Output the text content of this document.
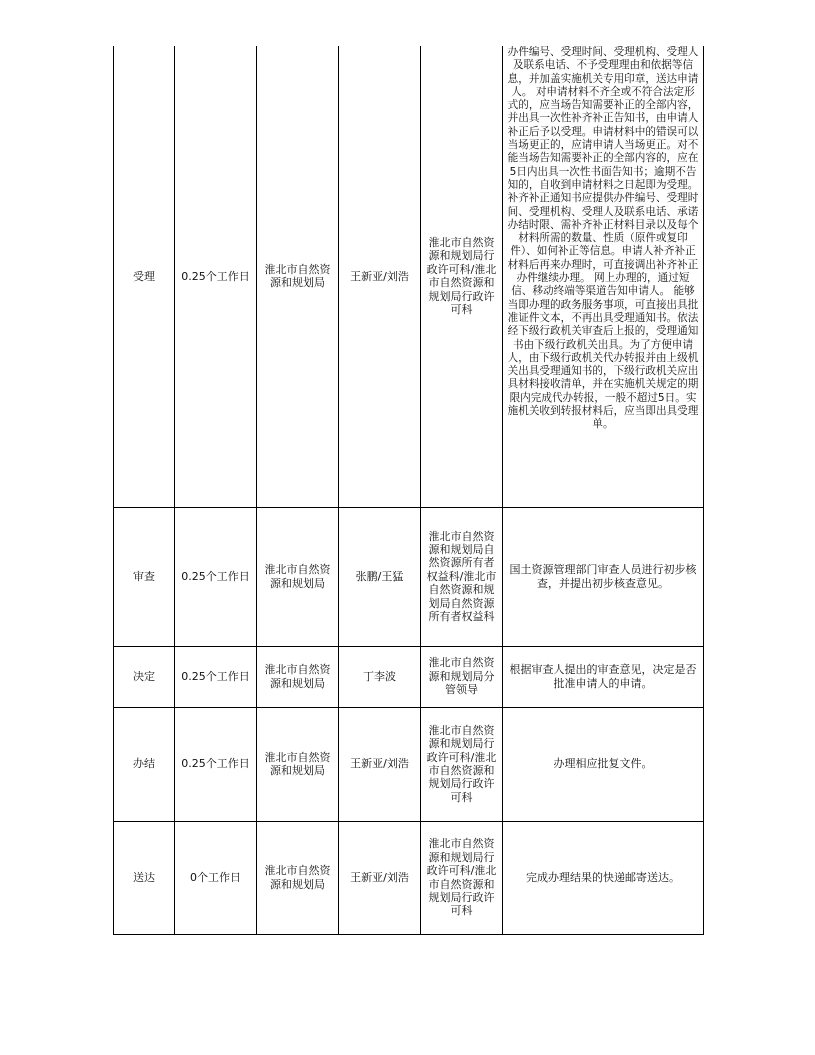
受理	0.25个工作日	淮北市自然资源和规划局	王新亚/刘浩	淮北市自然资源和规划局行政许可科/淮北市自然资源和规划局行政许可科	办件编号、受理时间、受理机构、受理人及联系电话、不予受理理由和依据等信息，并加盖实施机关专用印章，送达申请人。 对申请材料不齐全或不符合法定形式的，应当场告知需要补正的全部内容，并出具一次性补齐补正告知书，由申请人补正后予以受理。申请材料中的错误可以当场更正的，应请申请人当场更正。对不能当场告知需要补正的全部内容的，应在5日内出具一次性书面告知书；逾期不告知的，自收到申请材料之日起即为受理。补齐补正通知书应提供办件编号、受理时间、受理机构、受理人及联系电话、承诺办结时限、需补齐补正材料目录以及每个材料所需的数量、性质（原件或复印件）、如何补正等信息。申请人补齐补正材料后再来办理时，可直接调出补齐补正办件继续办理。 网上办理的，通过短信、移动终端等渠道告知申请人。 能够当即办理的政务服务事项，可直接出具批准证件文本，不再出具受理通知书。依法经下级行政机关审查后上报的，受理通知书由下级行政机关出具。为了方便申请人，由下级行政机关代办转报并由上级机关出具受理通知书的，下级行政机关应出具材料接收清单，并在实施机关规定的期限内完成代办转报，一般不超过5日。实施机关收到转报材料后，应当即出具受理单。
审查	0.25个工作日	淮北市自然资源和规划局	张鹏/王猛	淮北市自然资源和规划局自然资源所有者权益科/淮北市自然资源和规划局自然资源所有者权益科	国土资源管理部门审查人员进行初步核查，并提出初步核查意见。
决定	0.25个工作日	淮北市自然资源和规划局	丁李波	淮北市自然资源和规划局分管领导	根据审查人提出的审查意见，决定是否批准申请人的申请。
办结	0.25个工作日	淮北市自然资源和规划局	王新亚/刘浩	淮北市自然资源和规划局行政许可科/淮北市自然资源和规划局行政许可科	办理相应批复文件。
送达	0个工作日	淮北市自然资源和规划局	王新亚/刘浩	淮北市自然资源和规划局行政许可科/淮北市自然资源和规划局行政许可科	完成办理结果的快递邮寄送达。
